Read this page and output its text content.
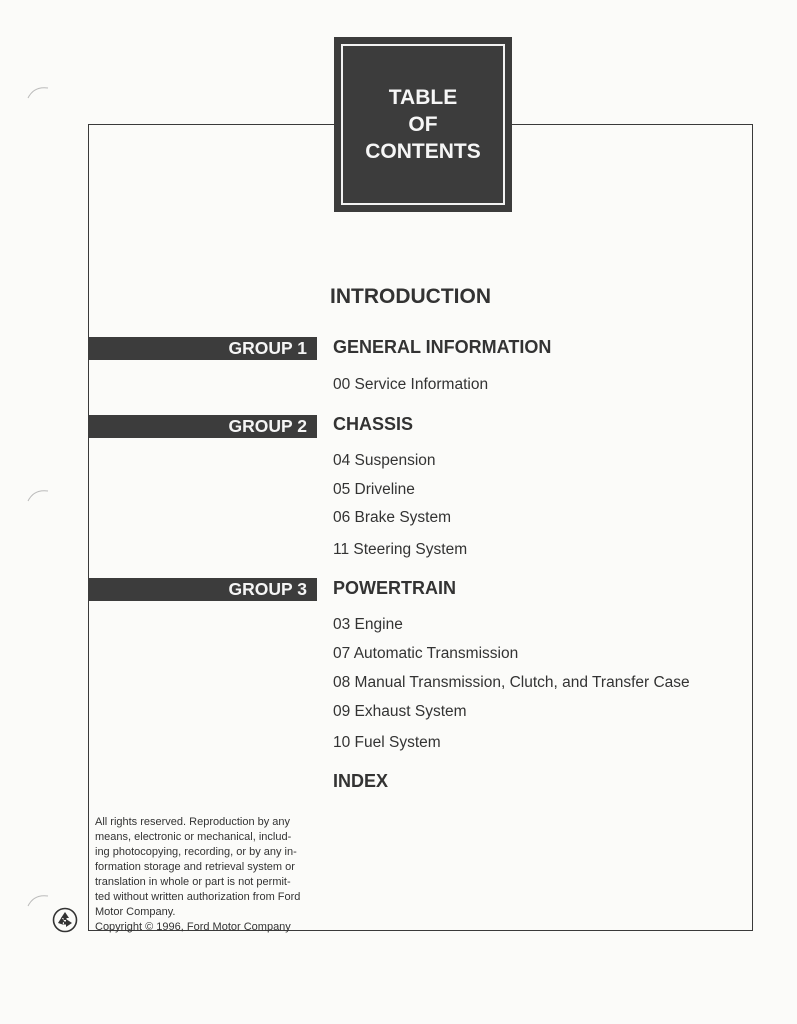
TABLE
OF
CONTENTS
INTRODUCTION
GROUP 1	GENERAL INFORMATION
00 Service Information
GROUP 2	CHASSIS
04 Suspension
05 Driveline
06 Brake System
11 Steering System
GROUP 3	POWERTRAIN
03 Engine
07 Automatic Transmission
08 Manual Transmission, Clutch, and Transfer Case
09 Exhaust System
10 Fuel System
INDEX

All rights reserved. Reproduction by any

means, electronic or mechanical, includ-

ing photocopying, recording, or by any in-

formation storage and retrieval system or

translation in whole or part is not permit-

ted without written authorization from Ford

Motor Company.

Copyright © 1996, Ford Motor Company
